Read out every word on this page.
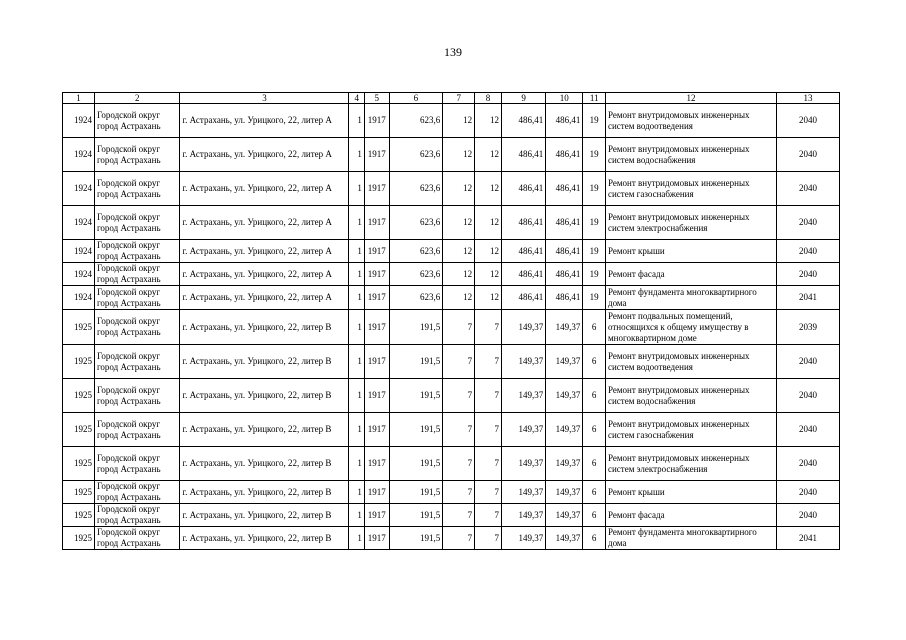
139
1	2	3	4	5	6	7	8	9	10	11	12	13
1924	Городской округ город Астрахань	г. Астрахань, ул. Урицкого, 22, литер А	1	1917	623,6	12	12	486,41	486,41	19	Ремонт внутридомовых инженерных систем водоотведения	2040
1924	Городской округ город Астрахань	г. Астрахань, ул. Урицкого, 22, литер А	1	1917	623,6	12	12	486,41	486,41	19	Ремонт внутридомовых инженерных систем водоснабжения	2040
1924	Городской округ город Астрахань	г. Астрахань, ул. Урицкого, 22, литер А	1	1917	623,6	12	12	486,41	486,41	19	Ремонт внутридомовых инженерных систем газоснабжения	2040
1924	Городской округ город Астрахань	г. Астрахань, ул. Урицкого, 22, литер А	1	1917	623,6	12	12	486,41	486,41	19	Ремонт внутридомовых инженерных систем электроснабжения	2040
1924	Городской округ город Астрахань	г. Астрахань, ул. Урицкого, 22, литер А	1	1917	623,6	12	12	486,41	486,41	19	Ремонт крыши	2040
1924	Городской округ город Астрахань	г. Астрахань, ул. Урицкого, 22, литер А	1	1917	623,6	12	12	486,41	486,41	19	Ремонт фасада	2040
1924	Городской округ город Астрахань	г. Астрахань, ул. Урицкого, 22, литер А	1	1917	623,6	12	12	486,41	486,41	19	Ремонт фундамента многоквартирного дома	2041
1925	Городской округ город Астрахань	г. Астрахань, ул. Урицкого, 22, литер В	1	1917	191,5	7	7	149,37	149,37	6	Ремонт подвальных помещений, относящихся к общему имуществу в многоквартирном доме	2039
1925	Городской округ город Астрахань	г. Астрахань, ул. Урицкого, 22, литер В	1	1917	191,5	7	7	149,37	149,37	6	Ремонт внутридомовых инженерных систем водоотведения	2040
1925	Городской округ город Астрахань	г. Астрахань, ул. Урицкого, 22, литер В	1	1917	191,5	7	7	149,37	149,37	6	Ремонт внутридомовых инженерных систем водоснабжения	2040
1925	Городской округ город Астрахань	г. Астрахань, ул. Урицкого, 22, литер В	1	1917	191,5	7	7	149,37	149,37	6	Ремонт внутридомовых инженерных систем газоснабжения	2040
1925	Городской округ город Астрахань	г. Астрахань, ул. Урицкого, 22, литер В	1	1917	191,5	7	7	149,37	149,37	6	Ремонт внутридомовых инженерных систем электроснабжения	2040
1925	Городской округ город Астрахань	г. Астрахань, ул. Урицкого, 22, литер В	1	1917	191,5	7	7	149,37	149,37	6	Ремонт крыши	2040
1925	Городской округ город Астрахань	г. Астрахань, ул. Урицкого, 22, литер В	1	1917	191,5	7	7	149,37	149,37	6	Ремонт фасада	2040
1925	Городской округ город Астрахань	г. Астрахань, ул. Урицкого, 22, литер В	1	1917	191,5	7	7	149,37	149,37	6	Ремонт фундамента многоквартирного дома	2041
